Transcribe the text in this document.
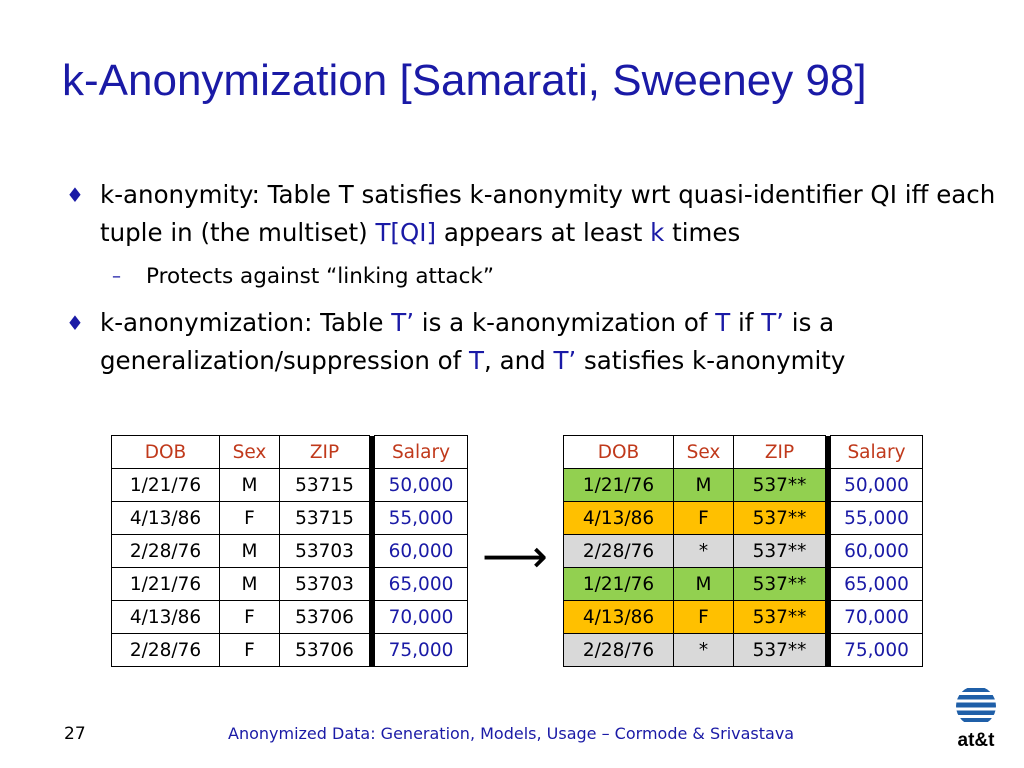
k-Anonymization [Samarati, Sweeney 98]

♦ k-anonymity: Table T satisfies k-anonymity wrt quasi-identifier QI iff each tuple in (the multiset) T[QI] appears at least k times

– Protects against “linking attack”

♦ k-anonymization: Table T’ is a k-anonymization of T if T’ is a generalization/suppression of T, and T’ satisfies k-anonymity

DOB	Sex	ZIP		Salary
1/21/76	M	53715		50,000
4/13/86	F	53715		55,000
2/28/76	M	53703		60,000
1/21/76	M	53703		65,000
4/13/86	F	53706		70,000
2/28/76	F	53706		75,000
⟶
DOB	Sex	ZIP		Salary
1/21/76	M	537**		50,000
4/13/86	F	537**		55,000
2/28/76	*	537**		60,000
1/21/76	M	537**		65,000
4/13/86	F	537**		70,000
2/28/76	*	537**		75,000
27	Anonymized Data: Generation, Models, Usage – Cormode & Srivastava	at&t
